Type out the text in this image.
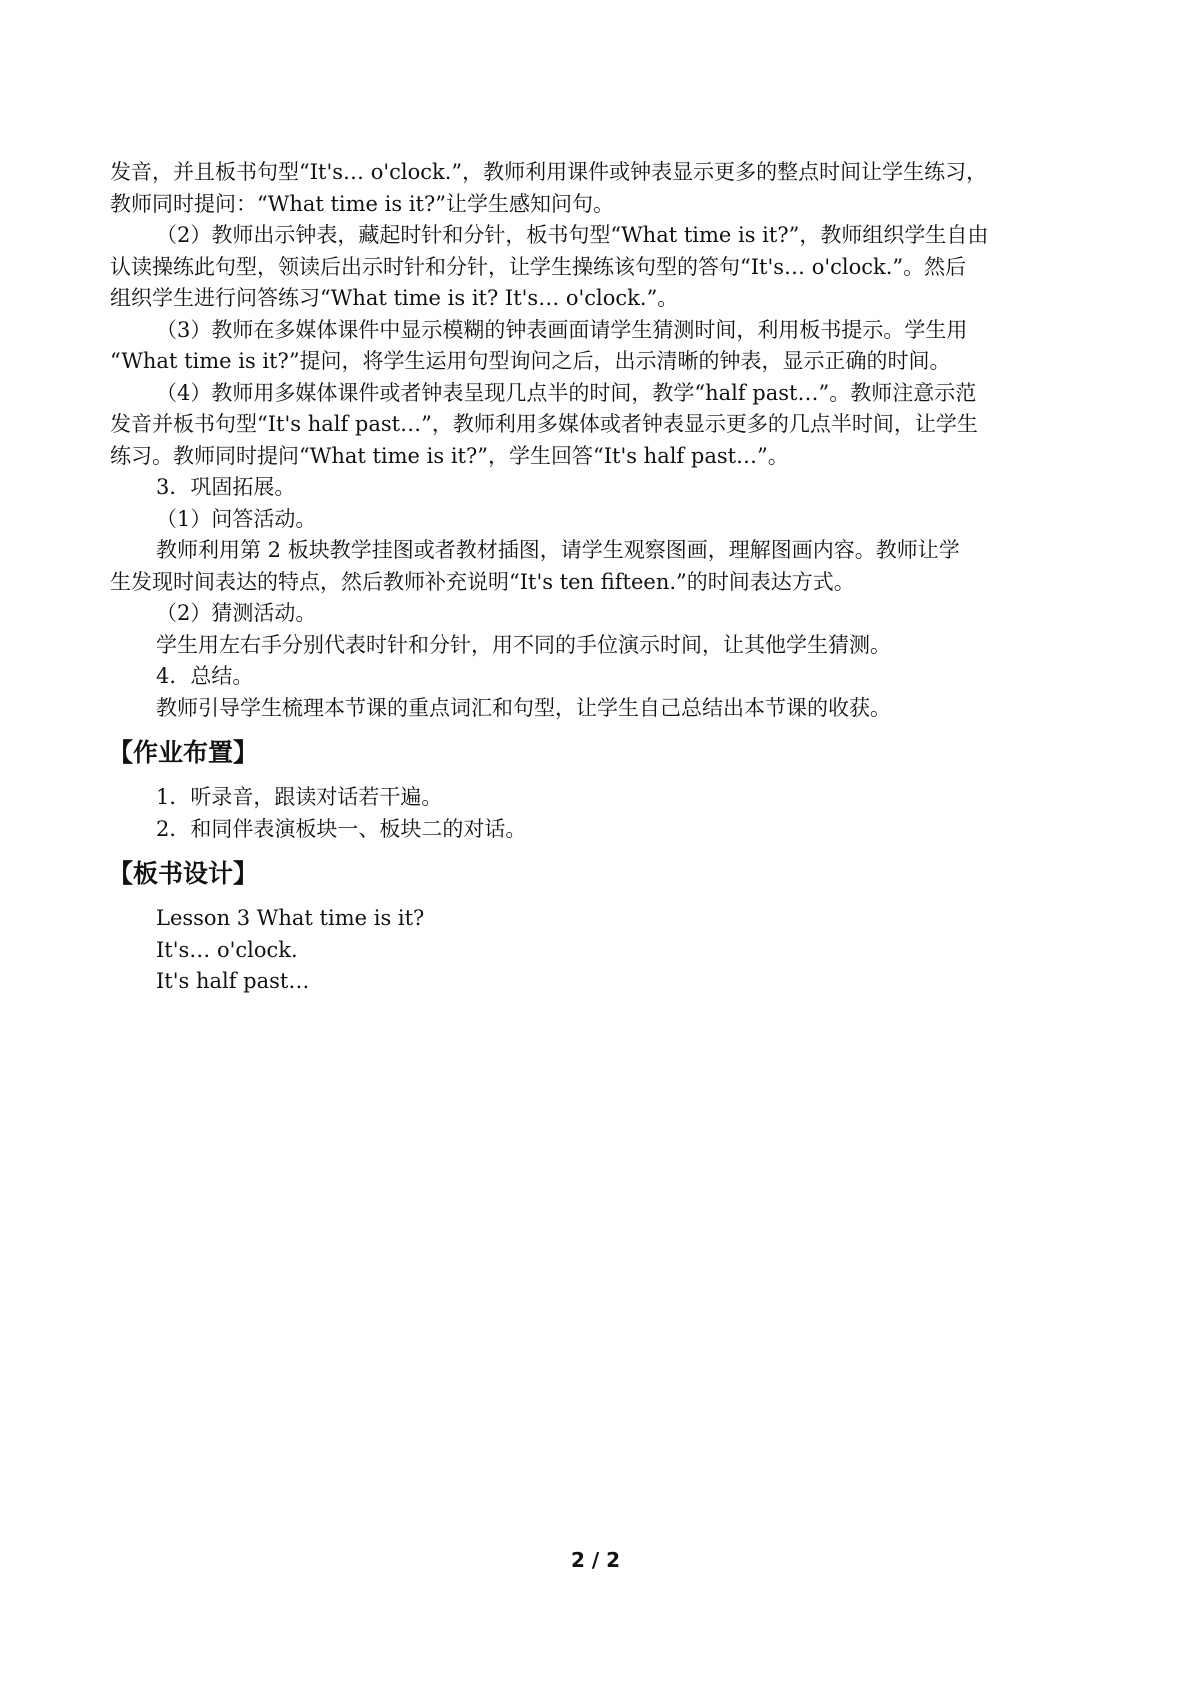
发音，并且板书句型“It's… o'clock.”，教师利用课件或钟表显示更多的整点时间让学生练习，

教师同时提问：“What time is it?”让学生感知问句。

（2）教师出示钟表，藏起时针和分针，板书句型“What time is it?”，教师组织学生自由

认读操练此句型，领读后出示时针和分针，让学生操练该句型的答句“It's… o'clock.”。然后

组织学生进行问答练习“What time is it? It's… o'clock.”。

（3）教师在多媒体课件中显示模糊的钟表画面请学生猜测时间，利用板书提示。学生用

“What time is it?”提问，将学生运用句型询问之后，出示清晰的钟表，显示正确的时间。

（4）教师用多媒体课件或者钟表呈现几点半的时间，教学“half past…”。教师注意示范

发音并板书句型“It's half past…”，教师利用多媒体或者钟表显示更多的几点半时间，让学生

练习。教师同时提问“What time is it?”，学生回答“It's half past…”。

3．巩固拓展。

（1）问答活动。

教师利用第 2 板块教学挂图或者教材插图，请学生观察图画，理解图画内容。教师让学

生发现时间表达的特点，然后教师补充说明“It's ten fifteen.”的时间表达方式。

（2）猜测活动。

学生用左右手分别代表时针和分针，用不同的手位演示时间，让其他学生猜测。

4．总结。

教师引导学生梳理本节课的重点词汇和句型，让学生自己总结出本节课的收获。

【作业布置】

1．听录音，跟读对话若干遍。

2．和同伴表演板块一、板块二的对话。

【板书设计】

Lesson 3 What time is it?

It's… o'clock.

It's half past…

2 / 2
